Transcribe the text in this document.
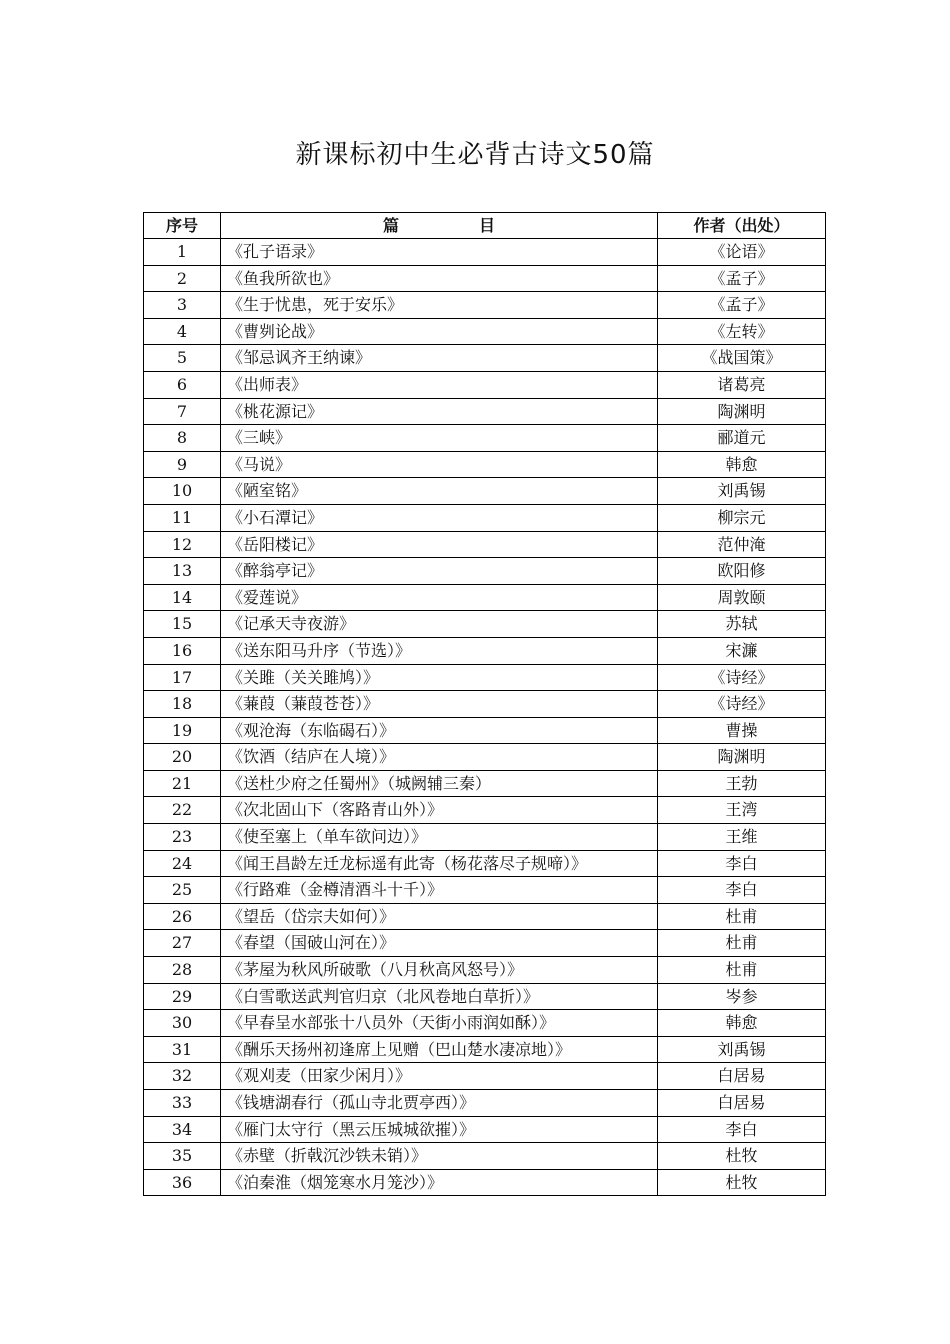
新课标初中生必背古诗文50篇
序号	篇目	作者（出处）
1	《孔子语录》	《论语》
2	《鱼我所欲也》	《孟子》
3	《生于忧患，死于安乐》	《孟子》
4	《曹刿论战》	《左转》
5	《邹忌讽齐王纳谏》	《战国策》
6	《出师表》	诸葛亮
7	《桃花源记》	陶渊明
8	《三峡》	郦道元
9	《马说》	韩愈
10	《陋室铭》	刘禹锡
11	《小石潭记》	柳宗元
12	《岳阳楼记》	范仲淹
13	《醉翁亭记》	欧阳修
14	《爱莲说》	周敦颐
15	《记承天寺夜游》	苏轼
16	《送东阳马升序（节选）》	宋濂
17	《关雎（关关雎鸠）》	《诗经》
18	《蒹葭（蒹葭苍苍）》	《诗经》
19	《观沧海（东临碣石）》	曹操
20	《饮酒（结庐在人境）》	陶渊明
21	《送杜少府之任蜀州》（城阙辅三秦）	王勃
22	《次北固山下（客路青山外）》	王湾
23	《使至塞上（单车欲问边）》	王维
24	《闻王昌龄左迁龙标遥有此寄（杨花落尽子规啼）》	李白
25	《行路难（金樽清酒斗十千）》	李白
26	《望岳（岱宗夫如何）》	杜甫
27	《春望（国破山河在）》	杜甫
28	《茅屋为秋风所破歌（八月秋高风怒号）》	杜甫
29	《白雪歌送武判官归京（北风卷地白草折）》	岑参
30	《早春呈水部张十八员外（天街小雨润如酥）》	韩愈
31	《酬乐天扬州初逢席上见赠（巴山楚水凄凉地）》	刘禹锡
32	《观刈麦（田家少闲月）》	白居易
33	《钱塘湖春行（孤山寺北贾亭西）》	白居易
34	《雁门太守行（黑云压城城欲摧）》	李白
35	《赤壁（折戟沉沙铁未销）》	杜牧
36	《泊秦淮（烟笼寒水月笼沙）》	杜牧
